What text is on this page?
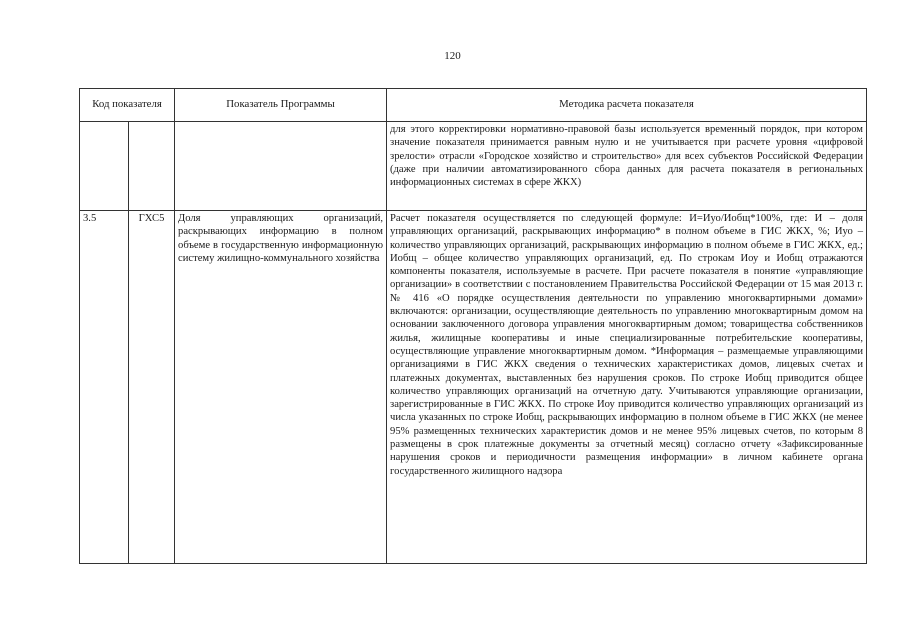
120
Код показателя		Показатель Программы	Методика расчета показателя
			для этого корректировки нормативно-правовой базы используется временный порядок, при котором значение показателя принимается равным нулю и не учитывается при расчете уровня «цифровой зрелости» отрасли «Городское хозяйство и строительство» для всех субъектов Российской Федерации (даже при наличии автоматизированного сбора данных для расчета показателя в региональных информационных системах в сфере ЖКХ)
3.5	ГХС5	Доля управляющих организаций, раскрывающих информацию в полном объеме в государственную информационную систему жилищно-коммунального хозяйства	Расчет показателя осуществляется по следующей формуле: И=Иуо/Иобщ*100%, где: И – доля управляющих организаций, раскрывающих информацию* в полном объеме в ГИС ЖКХ, %; Иуо – количество управляющих организаций, раскрывающих информацию в полном объеме в ГИС ЖКХ, ед.; Иобщ – общее количество управляющих организаций, ед. По строкам Иоу и Иобщ отражаются компоненты показателя, используемые в расчете. При расчете показателя в понятие «управляющие организации» в соответствии с постановлением Правительства Российской Федерации от 15 мая 2013 г. № 416 «О порядке осуществления деятельности по управлению многоквартирными домами» включаются: организации, осуществляющие деятельность по управлению многоквартирным домом на основании заключенного договора управления многоквартирным домом; товарищества собственников жилья, жилищные кооперативы и иные специализированные потребительские кооперативы, осуществляющие управление многоквартирным домом. *Информация – размещаемые управляющими организациями в ГИС ЖКХ сведения о технических характеристиках домов, лицевых счетах и платежных документах, выставленных без нарушения сроков. По строке Иобщ приводится общее количество управляющих организаций на отчетную дату. Учитываются управляющие организации, зарегистрированные в ГИС ЖКХ. По строке Иоу приводится количество управляющих организаций из числа указанных по строке Иобщ, раскрывающих информацию в полном объеме в ГИС ЖКХ (не менее 95% размещенных технических характеристик домов и не менее 95% лицевых счетов, по которым 8 размещены в срок платежные документы за отчетный месяц) согласно отчету «Зафиксированные нарушения сроков и периодичности размещения информации» в личном кабинете органа государственного жилищного надзора
